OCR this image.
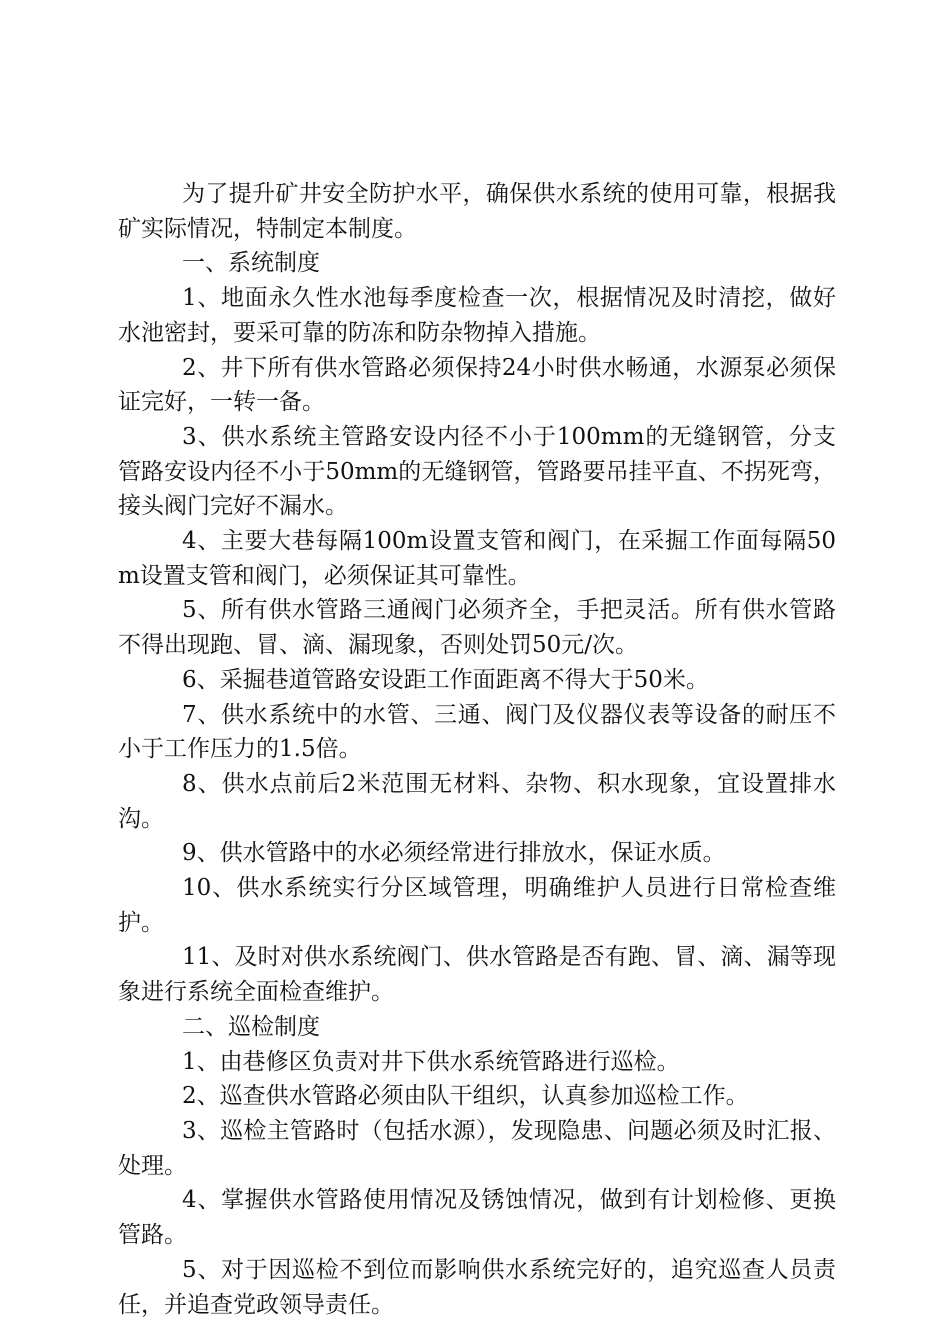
为了提升矿井安全防护水平，确保供水系统的使用可靠，根据我矿实际情况，特制定本制度。

一、系统制度

1、地面永久性水池每季度检查一次，根据情况及时清挖，做好水池密封，要采可靠的防冻和防杂物掉入措施。

2、井下所有供水管路必须保持24小时供水畅通，水源泵必须保证完好，一转一备。

3、供水系统主管路安设内径不小于100mm的无缝钢管，分支管路安设内径不小于50mm的无缝钢管，管路要吊挂平直、不拐死弯，接头阀门完好不漏水。

4、主要大巷每隔100m设置支管和阀门，在采掘工作面每隔50m设置支管和阀门，必须保证其可靠性。

5、所有供水管路三通阀门必须齐全，手把灵活。所有供水管路不得出现跑、冒、滴、漏现象，否则处罚50元/次。

6、采掘巷道管路安设距工作面距离不得大于50米。

7、供水系统中的水管、三通、阀门及仪器仪表等设备的耐压不小于工作压力的1.5倍。

8、供水点前后2米范围无材料、杂物、积水现象，宜设置排水沟。

9、供水管路中的水必须经常进行排放水，保证水质。

10、供水系统实行分区域管理，明确维护人员进行日常检查维护。

11、及时对供水系统阀门、供水管路是否有跑、冒、滴、漏等现象进行系统全面检查维护。

二、巡检制度

1、由巷修区负责对井下供水系统管路进行巡检。

2、巡查供水管路必须由队干组织，认真参加巡检工作。

3、巡检主管路时（包括水源），发现隐患、问题必须及时汇报、处理。

4、掌握供水管路使用情况及锈蚀情况，做到有计划检修、更换管路。

5、对于因巡检不到位而影响供水系统完好的，追究巡查人员责任，并追查党政领导责任。
